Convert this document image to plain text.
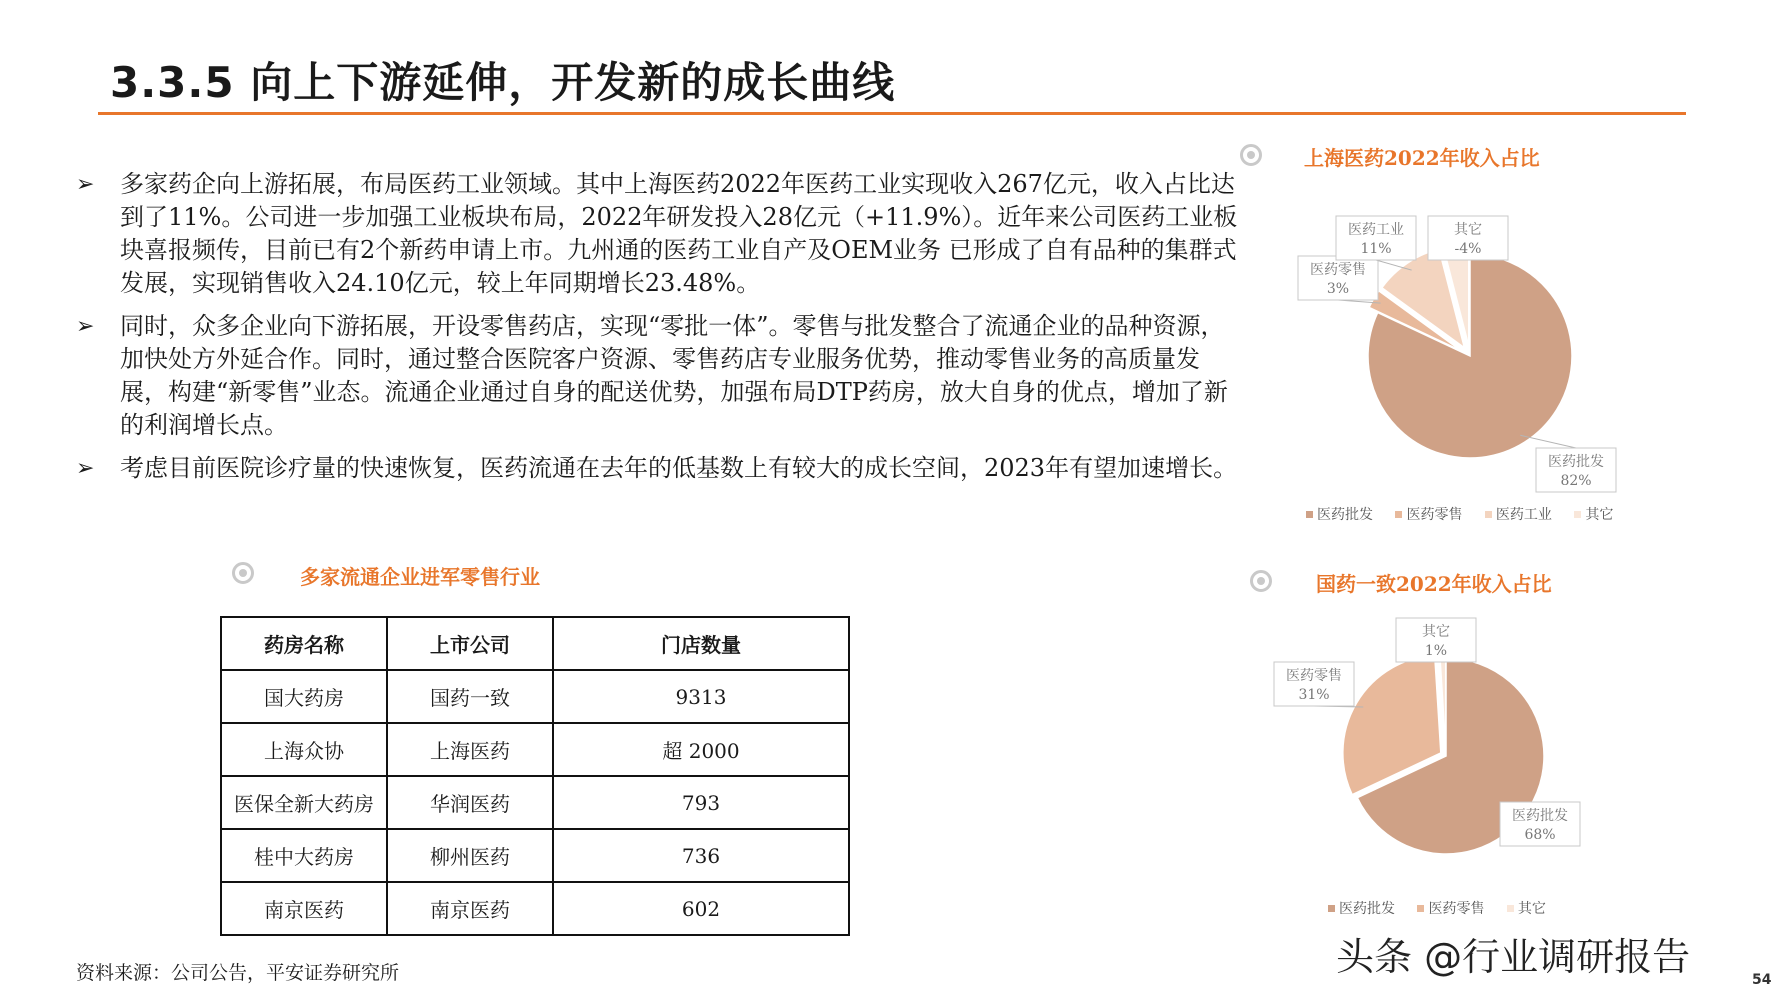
3.3.5 向上下游延伸，开发新的成长曲线
➢ 多家药企向上游拓展，布局医药工业领域。其中上海医药2022年医药工业实现收入267亿元，收入占比达到了11%。公司进一步加强工业板块布局，2022年研发投入28亿元（+11.9%）。近年来公司医药工业板块喜报频传，目前已有2个新药申请上市。九州通的医药工业自产及OEM业务 已形成了自有品种的集群式发展，实现销售收入24.10亿元，较上年同期增长23.48%。
➢ 同时，众多企业向下游拓展，开设零售药店，实现“零批一体”。零售与批发整合了流通企业的品种资源，加快处方外延合作。同时，通过整合医院客户资源、零售药店专业服务优势，推动零售业务的高质量发展，构建“新零售”业态。流通企业通过自身的配送优势，加强布局DTP药房，放大自身的优点，增加了新的利润增长点。
➢ 考虑目前医院诊疗量的快速恢复，医药流通在去年的低基数上有较大的成长空间，2023年有望加速增长。
多家流通企业进军零售行业
药房名称	上市公司	门店数量
国大药房	国药一致	9313
上海众协	上海医药	超 2000
医保全新大药房	华润医药	793
桂中大药房	柳州医药	736
南京医药	南京医药	602
上海医药2022年收入占比
医药批发
82%
医药零售
3%
医药工业
11%
其它
-4%
医药批发 医药零售 医药工业 其它
国药一致2022年收入占比
医药批发
68%
医药零售
31%
其它
1%
医药批发 医药零售 其它
资料来源：公司公告，平安证券研究所	头条 @行业调研报告
54
